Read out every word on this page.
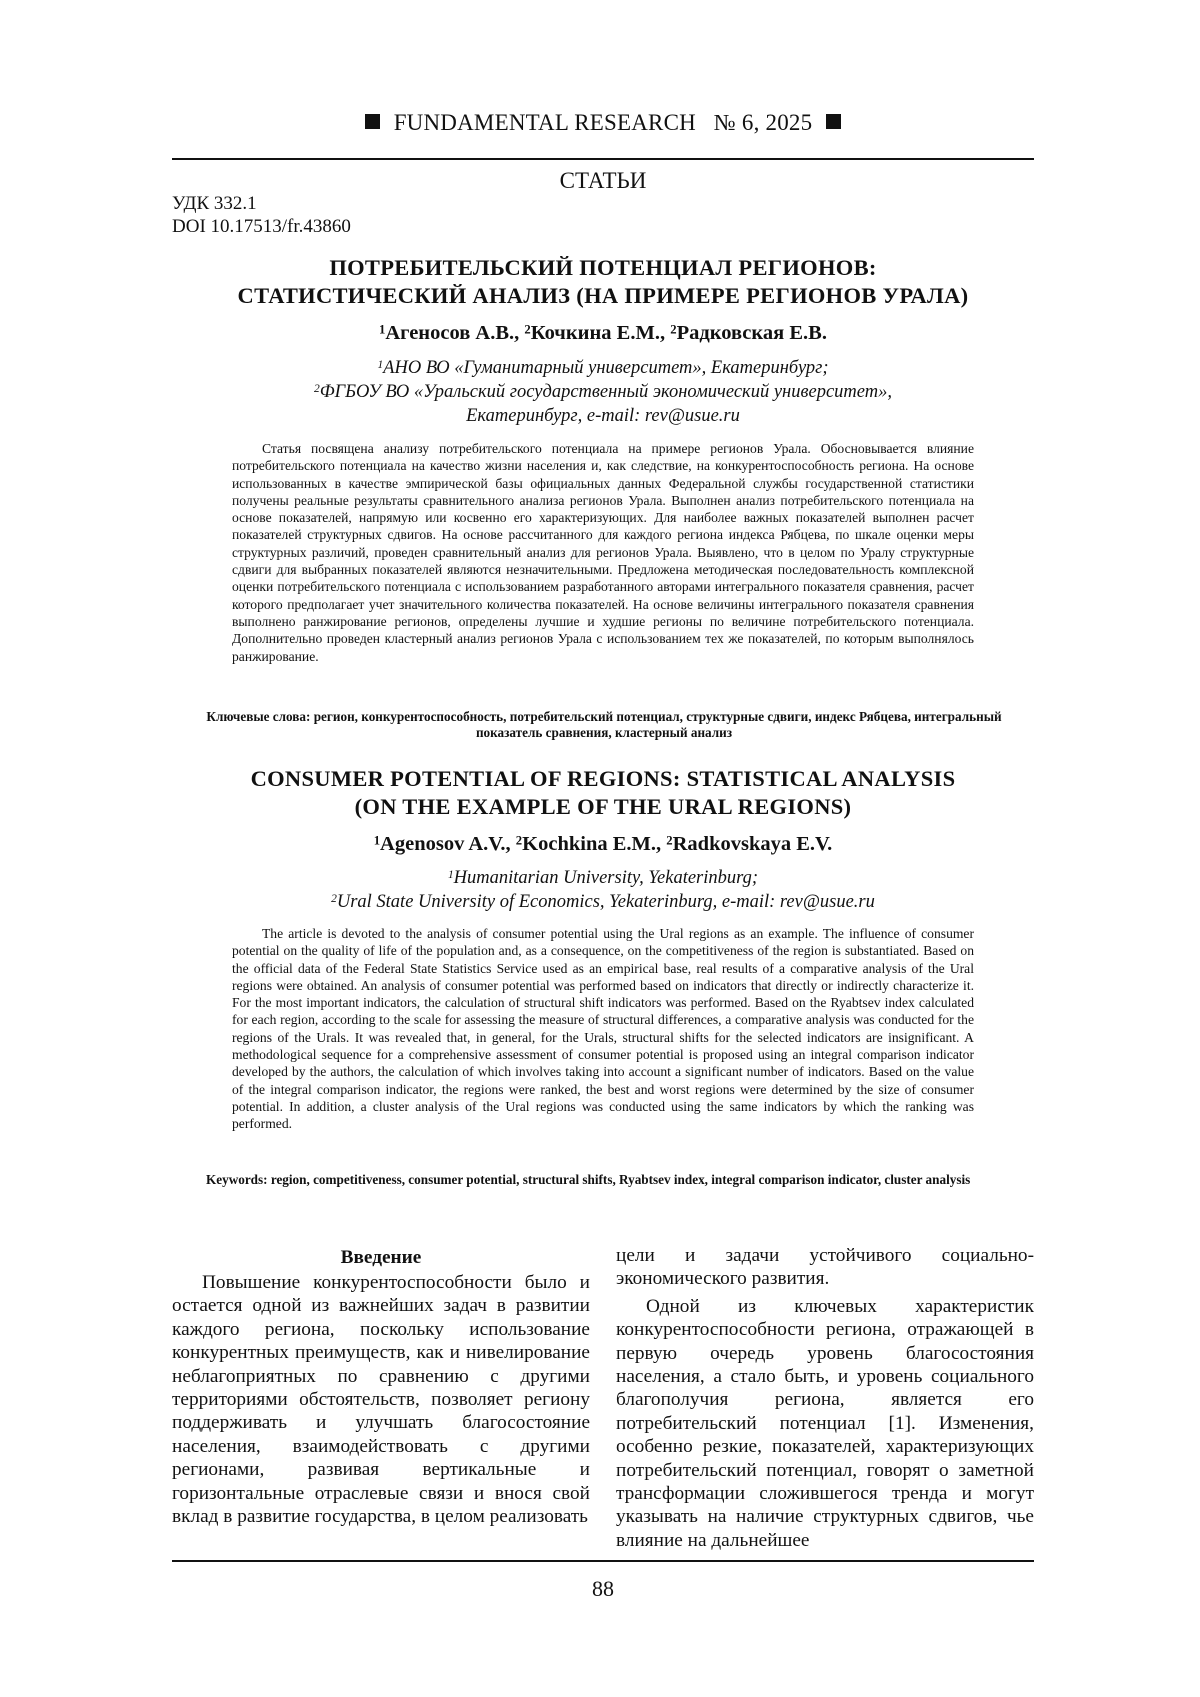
FUNDAMENTAL RESEARCH № 6, 2025
СТАТЬИ
УДК 332.1
DOI 10.17513/fr.43860
ПОТРЕБИТЕЛЬСКИЙ ПОТЕНЦИАЛ РЕГИОНОВ:
СТАТИСТИЧЕСКИЙ АНАЛИЗ (НА ПРИМЕРЕ РЕГИОНОВ УРАЛА)
$^1$Агеносов А.В., $^2$Кочкина Е.М., $^2$Радковская Е.В.
$^1$АНО ВО «Гуманитарный университет», Екатеринбург;
$^2$ФГБОУ ВО «Уральский государственный экономический университет»,
Екатеринбург, e-mail: rev@usue.ru

Статья посвящена анализу потребительского потенциала на примере регионов Урала. Обосновывается влияние потребительского потенциала на качество жизни населения и, как следствие, на конкурентоспособность региона. На основе использованных в качестве эмпирической базы официальных данных Федеральной службы государственной статистики получены реальные результаты сравнительного анализа регионов Урала. Выполнен анализ потребительского потенциала на основе показателей, напрямую или косвенно его характеризующих. Для наиболее важных показателей выполнен расчет показателей структурных сдвигов. На основе рассчитанного для каждого региона индекса Рябцева, по шкале оценки меры структурных различий, проведен сравнительный анализ для регионов Урала. Выявлено, что в целом по Уралу структурные сдвиги для выбранных показателей являются незначительными. Предложена методическая последовательность комплексной оценки потребительского потенциала с использованием разработанного авторами интегрального показателя сравнения, расчет которого предполагает учет значительного количества показателей. На основе величины интегрального показателя сравнения выполнено ранжирование регионов, определены лучшие и худшие регионы по величине потребительского потенциала. Дополнительно проведен кластерный анализ регионов Урала с использованием тех же показателей, по которым выполнялось ранжирование.

Ключевые слова: регион, конкурентоспособность, потребительский потенциал, структурные сдвиги, индекс Рябцева, интегральный показатель сравнения, кластерный анализ

CONSUMER POTENTIAL OF REGIONS: STATISTICAL ANALYSIS
(ON THE EXAMPLE OF THE URAL REGIONS)
$^1$Agenosov A.V., $^2$Kochkina E.M., $^2$Radkovskaya E.V.
$^1$Humanitarian University, Yekaterinburg;
$^2$Ural State University of Economics, Yekaterinburg, e-mail: rev@usue.ru

The article is devoted to the analysis of consumer potential using the Ural regions as an example. The influence of consumer potential on the quality of life of the population and, as a consequence, on the competitiveness of the region is substantiated. Based on the official data of the Federal State Statistics Service used as an empirical base, real results of a comparative analysis of the Ural regions were obtained. An analysis of consumer potential was performed based on indicators that directly or indirectly characterize it. For the most important indicators, the calculation of structural shift indicators was performed. Based on the Ryabtsev index calculated for each region, according to the scale for assessing the measure of structural differences, a comparative analysis was conducted for the regions of the Urals. It was revealed that, in general, for the Urals, structural shifts for the selected indicators are insignificant. A methodological sequence for a comprehensive assessment of consumer potential is proposed using an integral comparison indicator developed by the authors, the calculation of which involves taking into account a significant number of indicators. Based on the value of the integral comparison indicator, the regions were ranked, the best and worst regions were determined by the size of consumer potential. In addition, a cluster analysis of the Ural regions was conducted using the same indicators by which the ranking was performed.

Keywords: region, competitiveness, consumer potential, structural shifts, Ryabtsev index, integral comparison indicator, cluster analysis

Введение

Повышение конкурентоспособности было и остается одной из важнейших задач в развитии каждого региона, поскольку использование конкурентных преимуществ, как и нивелирование неблагоприятных по сравнению с другими территориями обстоятельств, позволяет региону поддерживать и улучшать благосостояние населения, взаимодействовать с другими регионами, развивая вертикальные и горизонтальные отраслевые связи и внося свой вклад в развитие государства, в целом реализовать

цели и задачи устойчивого социально-экономического развития.

Одной из ключевых характеристик конкурентоспособности региона, отражающей в первую очередь уровень благосостояния населения, а стало быть, и уровень социального благополучия региона, является его потребительский потенциал [1]. Изменения, особенно резкие, показателей, характеризующих потребительский потенциал, говорят о заметной трансформации сложившегося тренда и могут указывать на наличие структурных сдвигов, чье влияние на дальнейшее

88
